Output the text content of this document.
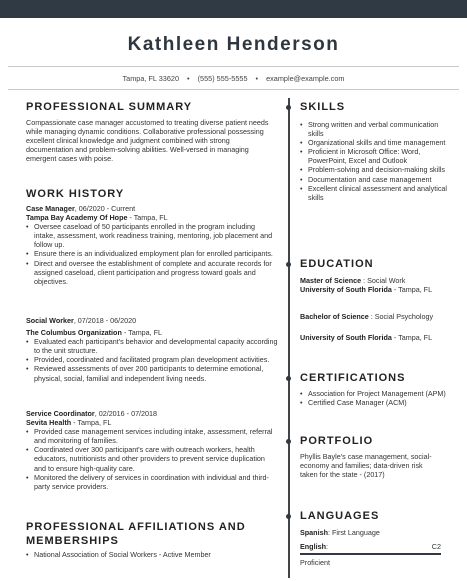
Kathleen Henderson
Tampa, FL 33620 • (555) 555-5555 • example@example.com
PROFESSIONAL SUMMARY
Compassionate case manager accustomed to treating diverse patient needs while managing dynamic conditions. Collaborative professional possessing excellent clinical knowledge and judgment combined with strong documentation and problem-solving abilities. Well-versed in managing emergent cases with poise.
WORK HISTORY
Case Manager, 06/2020 - Current
Tampa Bay Academy Of Hope - Tampa, FL
• Oversee caseload of 50 participants enrolled in the program including intake, assessment, work readiness training, mentoring, job placement and follow up.
• Ensure there is an individualized employment plan for enrolled participants.
• Direct and oversee the establishment of complete and accurate records for assigned caseload, client participation and progress toward goals and objectives.
Social Worker, 07/2018 - 06/2020
The Columbus Organization - Tampa, FL
• Evaluated each participant's behavior and developmental capacity according to the unit structure.
• Provided, coordinated and facilitated program plan development activities.
• Reviewed assessments of over 200 participants to determine emotional, physical, social, familial and independent living needs.
Service Coordinator, 02/2016 - 07/2018
Sevita Health - Tampa, FL
• Provided case management services including intake, assessment, referral and monitoring of families.
• Coordinated over 300 participant's care with outreach workers, health educators, nutritionists and other providers to prevent service duplication and to ensure high-quality care.
• Monitored the delivery of services in coordination with individual and third-party service providers.
PROFESSIONAL AFFILIATIONS AND
MEMBERSHIPS
• National Association of Social Workers - Active Member
SKILLS
• Strong written and verbal communication skills
• Organizational skills and time management
• Proficient in Microsoft Office: Word, PowerPoint, Excel and Outlook
• Problem-solving and decision-making skills
• Documentation and case management
• Excellent clinical assessment and analytical skills
EDUCATION
Master of Science : Social Work
University of South Florida - Tampa, FL
Bachelor of Science : Social Psychology
University of South Florida - Tampa, FL
CERTIFICATIONS
• Association for Project Management (APM)
• Certified Case Manager (ACM)
PORTFOLIO
Phyllis Bayle's case management, social-economy and families; data-driven risk taken for the state - (2017)
LANGUAGES
Spanish: First Language
English:	C2
Proficient
